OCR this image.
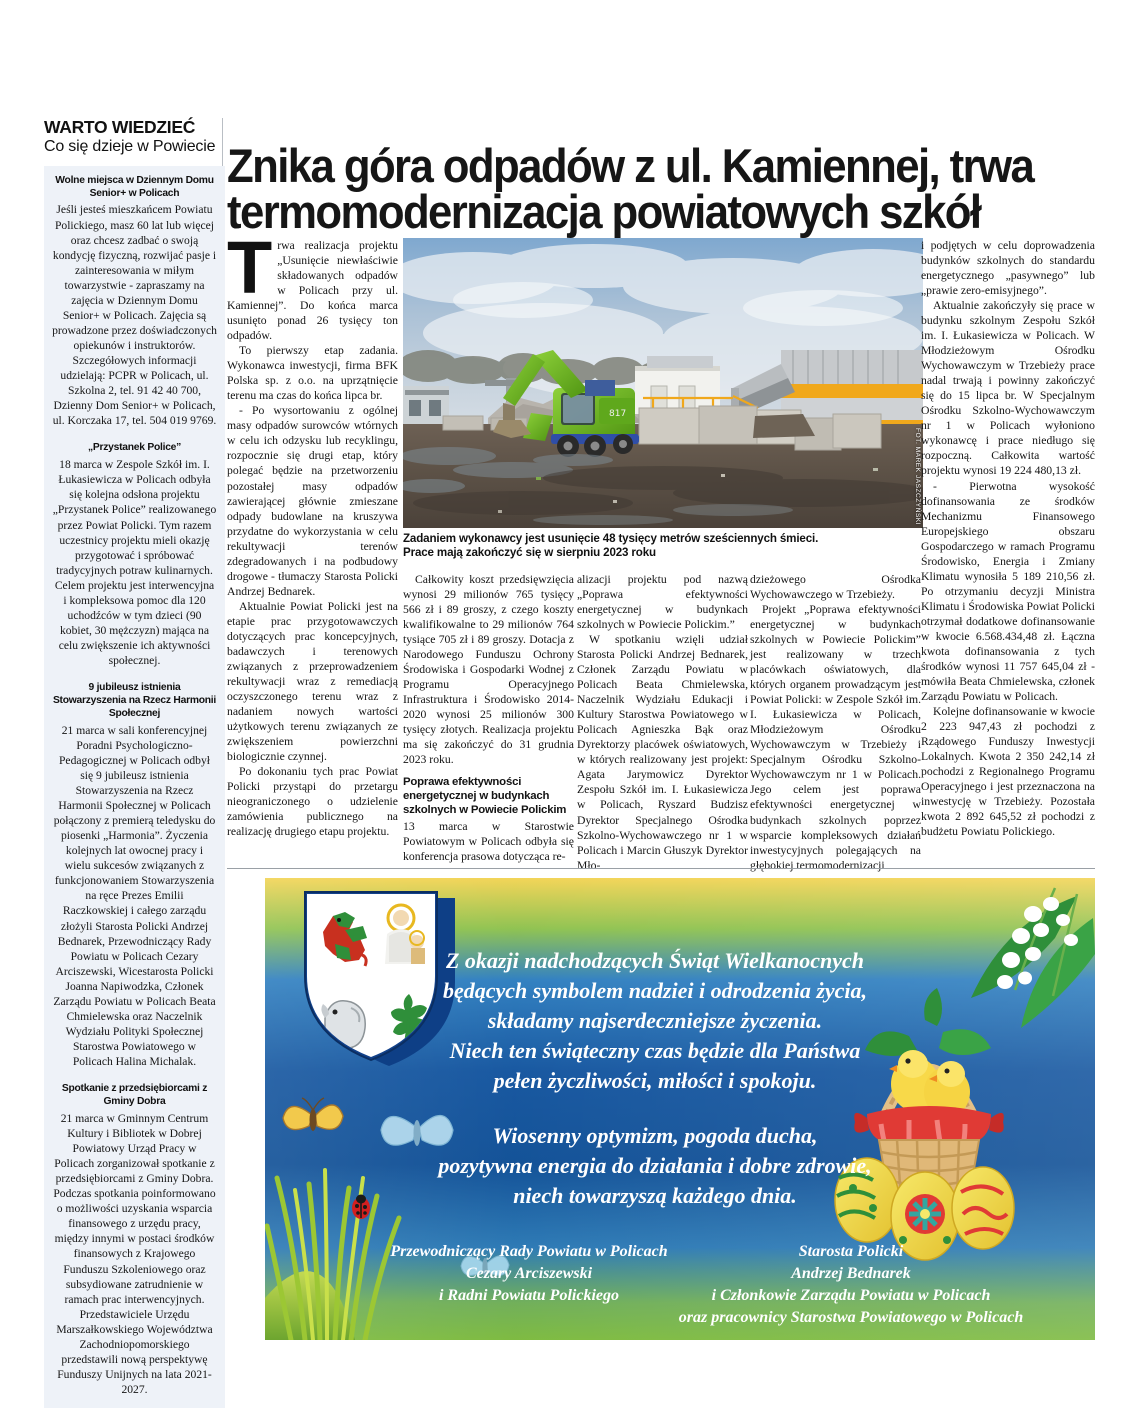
WARTO WIEDZIEĆ
Co się dzieje w Powiecie
Wolne miejsca w Dziennym Domu Senior+ w Policach
Jeśli jesteś mieszkańcem Powiatu Polickiego, masz 60 lat lub więcej oraz chcesz zadbać o swoją kondycję fizyczną, rozwijać pasje i zainteresowania w miłym towarzystwie - zapraszamy na zajęcia w Dziennym Domu Senior+ w Policach. Zajęcia są prowadzone przez doświadczonych opiekunów i instruktorów. Szczegółowych informacji udzielają: PCPR w Policach, ul. Szkolna 2, tel. 91 42 40 700, Dzienny Dom Senior+ w Policach, ul. Korczaka 17, tel. 504 019 9769.
„Przystanek Police”
18 marca w Zespole Szkół im. I. Łukasiewicza w Policach odbyła się kolejna odsłona projektu „Przystanek Police” realizowanego przez Powiat Policki. Tym razem uczestnicy projektu mieli okazję przygotować i spróbować tradycyjnych potraw kulinarnych. Celem projektu jest interwencyjna i kompleksowa pomoc dla 120 uchodźców w tym dzieci (90 kobiet, 30 mężczyzn) mająca na celu zwiększenie ich aktywności społecznej.
9 jubileusz istnienia Stowarzyszenia na Rzecz Harmonii Społecznej
21 marca w sali konferencyjnej Poradni Psychologiczno-Pedagogicznej w Policach odbył się 9 jubileusz istnienia Stowarzyszenia na Rzecz Harmonii Społecznej w Policach połączony z premierą teledysku do piosenki „Harmonia”. Życzenia kolejnych lat owocnej pracy i wielu sukcesów związanych z funkcjonowaniem Stowarzyszenia na ręce Prezes Emilii Raczkowskiej i całego zarządu złożyli Starosta Policki Andrzej Bednarek, Przewodniczący Rady Powiatu w Policach Cezary Arciszewski, Wicestarosta Policki Joanna Napiwodzka, Członek Zarządu Powiatu w Policach Beata Chmielewska oraz Naczelnik Wydziału Polityki Społecznej Starostwa Powiatowego w Policach Halina Michalak.
Spotkanie z przedsiębiorcami z Gminy Dobra
21 marca w Gminnym Centrum Kultury i Bibliotek w Dobrej Powiatowy Urząd Pracy w Policach zorganizował spotkanie z przedsiębiorcami z Gminy Dobra. Podczas spotkania poinformowano o możliwości uzyskania wsparcia finansowego z urzędu pracy, między innymi w postaci środków finansowych z Krajowego Funduszu Szkoleniowego oraz subsydiowane zatrudnienie w ramach prac interwencyjnych. Przedstawiciele Urzędu Marszałkowskiego Województwa Zachodniopomorskiego przedstawili nową perspektywę Funduszy Unijnych na lata 2021-2027.
Znika góra odpadów z ul. Kamiennej, trwa
termomodernizacja powiatowych szkół

Trwa realizacja projektu „Usunięcie niewłaściwie składowanych odpadów w Policach przy ul. Kamiennej”. Do końca marca usunięto ponad 26 tysięcy ton odpadów.

To pierwszy etap zadania. Wykonawca inwestycji, firma BFK Polska sp. z o.o. na uprzątnięcie terenu ma czas do końca lipca br.

- Po wysortowaniu z ogólnej masy odpadów surowców wtórnych w celu ich odzysku lub recyklingu, rozpocznie się drugi etap, który polegać będzie na przetworzeniu pozostałej masy odpadów zawierającej głównie zmieszane odpady budowlane na kruszywa przydatne do wykorzystania w celu rekultywacji terenów zdegradowanych i na podbudowy drogowe - tłumaczy Starosta Policki Andrzej Bednarek.

Aktualnie Powiat Policki jest na etapie prac przygotowawczych dotyczących prac koncepcyjnych, badawczych i terenowych związanych z przeprowadzeniem rekultywacji wraz z remediacją oczyszczonego terenu wraz z nadaniem nowych wartości użytkowych terenu związanych ze zwiększeniem powierzchni biologicznie czynnej.

Po dokonaniu tych prac Powiat Policki przystąpi do przetargu nieograniczonego o udzielenie zamówienia publicznego na realizację drugiego etapu projektu.

817
FOT. MAREK JASZCZYŃSKI
Zadaniem wykonawcy jest usunięcie 48 tysięcy metrów sześciennych śmieci.
Prace mają zakończyć się w sierpniu 2023 roku

i podjętych w celu doprowadzenia budynków szkolnych do standardu energetycznego „pasywnego” lub „prawie zero-emisyjnego”.

Aktualnie zakończyły się prace w budynku szkolnym Zespołu Szkół im. I. Łukasiewicza w Policach. W Młodzieżowym Ośrodku Wychowawczym w Trzebieży prace nadal trwają i powinny zakończyć się do 15 lipca br. W Specjalnym Ośrodku Szkolno-Wychowawczym nr 1 w Policach wyłoniono wykonawcę i prace niedługo się rozpoczną. Całkowita wartość projektu wynosi 19 224 480,13 zł.

- Pierwotna wysokość dofinansowania ze środków Mechanizmu Finansowego Europejskiego obszaru Gospodarczego w ramach Programu Środowisko, Energia i Zmiany Klimatu wynosiła 5 189 210,56 zł. Po otrzymaniu decyzji Ministra Klimatu i Środowiska Powiat Policki otrzymał dodatkowe dofinansowanie w kwocie 6.568.434,48 zł. Łączna kwota dofinansowania z tych środków wynosi 11 757 645,04 zł - mówiła Beata Chmielewska, członek Zarządu Powiatu w Policach.

Kolejne dofinansowanie w kwocie 2 223 947,43 zł pochodzi z Rządowego Funduszy Inwestycji Lokalnych. Kwota 2 350 242,14 zł pochodzi z Regionalnego Programu Operacyjnego i jest przeznaczona na inwestycję w Trzebieży. Pozostała kwota 2 892 645,52 zł pochodzi z budżetu Powiatu Polickiego.

Całkowity koszt przedsięwzięcia wynosi 29 milionów 765 tysięcy 566 zł i 89 groszy, z czego koszty kwalifikowalne to 29 milionów 764 tysiące 705 zł i 89 groszy. Dotacja z Narodowego Funduszu Ochrony Środowiska i Gospodarki Wodnej z Programu Operacyjnego Infrastruktura i Środowisko 2014-2020 wynosi 25 milionów 300 tysięcy złotych. Realizacja projektu ma się zakończyć do 31 grudnia 2023 roku.

Poprawa efektywności energetycznej w budynkach szkolnych w Powiecie Polickim

13 marca w Starostwie Powiatowym w Policach odbyła się konferencja prasowa dotycząca re-

alizacji projektu pod nazwą „Poprawa efektywności energetycznej w budynkach szkolnych w Powiecie Polickim.”

W spotkaniu wzięli udział Starosta Policki Andrzej Bednarek, Członek Zarządu Powiatu w Policach Beata Chmielewska, Naczelnik Wydziału Edukacji i Kultury Starostwa Powiatowego w Policach Agnieszka Bąk oraz Dyrektorzy placówek oświatowych, w których realizowany jest projekt: Agata Jarymowicz Dyrektor Zespołu Szkół im. I. Łukasiewicza w Policach, Ryszard Budzisz Dyrektor Specjalnego Ośrodka Szkolno-Wychowawczego nr 1 w Policach i Marcin Głuszyk Dyrektor Mło-

dzieżowego Ośrodka Wychowawczego w Trzebieży.

Projekt „Poprawa efektywności energetycznej w budynkach szkolnych w Powiecie Polickim” jest realizowany w trzech placówkach oświatowych, dla których organem prowadzącym jest Powiat Policki: w Zespole Szkół im. I. Łukasiewicza w Policach, Młodzieżowym Ośrodku Wychowawczym w Trzebieży i Specjalnym Ośrodku Szkolno-Wychowawczym nr 1 w Policach. Jego celem jest poprawa efektywności energetycznej w budynkach szkolnych poprzez wsparcie kompleksowych działań inwestycyjnych polegających na głębokiej termomodernizacji

Z okazji nadchodzących Świąt Wielkanocnych
będących symbolem nadziei i odrodzenia życia,
składamy najserdeczniejsze życzenia.
Niech ten świąteczny czas będzie dla Państwa
pełen życzliwości, miłości i spokoju.
Wiosenny optymizm, pogoda ducha,
pozytywna energia do działania i dobre zdrowie,
niech towarzyszą każdego dnia.
Przewodniczący Rady Powiatu w Policach
Cezary Arciszewski
i Radni Powiatu Polickiego
Starosta Policki
Andrzej Bednarek
i Członkowie Zarządu Powiatu w Policach
oraz pracownicy Starostwa Powiatowego w Policach
